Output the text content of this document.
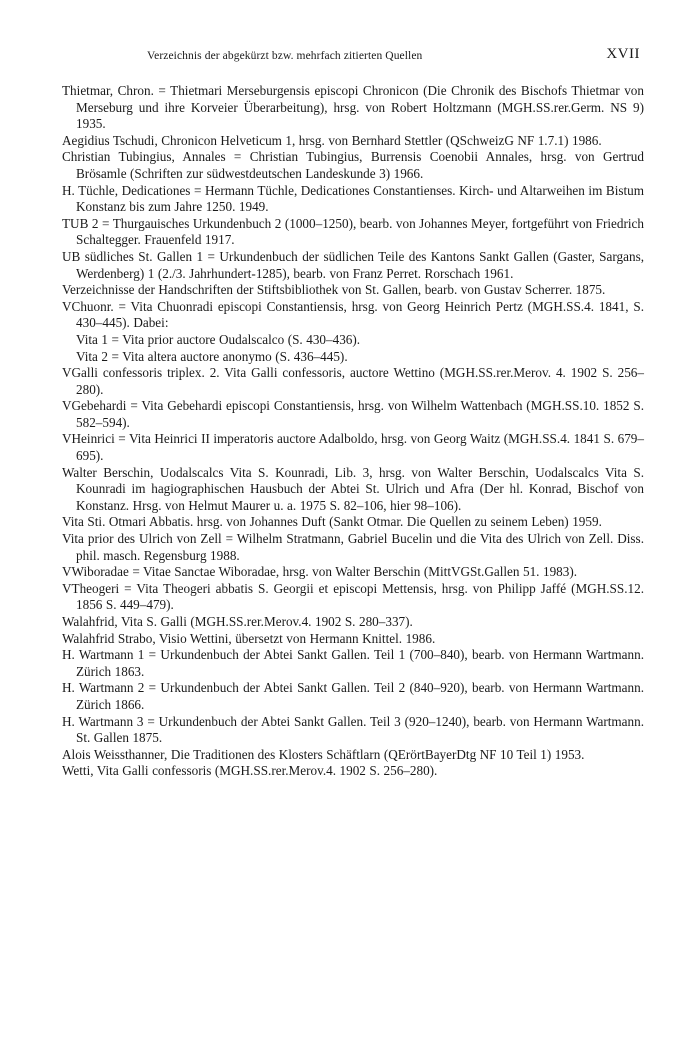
Verzeichnis der abgekürzt bzw. mehrfach zitierten Quellen	XVII

Thietmar, Chron. = Thietmari Merseburgensis episcopi Chronicon (Die Chronik des Bischofs Thietmar von Merseburg und ihre Korveier Überarbeitung), hrsg. von Robert Holtzmann (MGH.SS.rer.Germ. NS 9) 1935.

Aegidius Tschudi, Chronicon Helveticum 1, hrsg. von Bernhard Stettler (QSchweizG NF 1.7.1) 1986.

Christian Tubingius, Annales = Christian Tubingius, Burrensis Coenobii Annales, hrsg. von Gertrud Brösamle (Schriften zur südwestdeutschen Landeskunde 3) 1966.

H. Tüchle, Dedicationes = Hermann Tüchle, Dedicationes Constantienses. Kirch- und Altarweihen im Bistum Konstanz bis zum Jahre 1250. 1949.

TUB 2 = Thurgauisches Urkundenbuch 2 (1000–1250), bearb. von Johannes Meyer, fortgeführt von Friedrich Schaltegger. Frauenfeld 1917.

UB südliches St. Gallen 1 = Urkundenbuch der südlichen Teile des Kantons Sankt Gallen (Gaster, Sargans, Werdenberg) 1 (2./3. Jahrhundert-1285), bearb. von Franz Perret. Rorschach 1961.

Verzeichnisse der Handschriften der Stiftsbibliothek von St. Gallen, bearb. von Gustav Scherrer. 1875.

VChuonr. = Vita Chuonradi episcopi Constantiensis, hrsg. von Georg Heinrich Pertz (MGH.SS.4. 1841, S. 430–445). Dabei:

Vita 1 = Vita prior auctore Oudalscalco (S. 430–436).

Vita 2 = Vita altera auctore anonymo (S. 436–445).

VGalli confessoris triplex. 2. Vita Galli confessoris, auctore Wettino (MGH.SS.rer.Merov. 4. 1902 S. 256–280).

VGebehardi = Vita Gebehardi episcopi Constantiensis, hrsg. von Wilhelm Wattenbach (MGH.SS.10. 1852 S. 582–594).

VHeinrici = Vita Heinrici II imperatoris auctore Adalboldo, hrsg. von Georg Waitz (MGH.SS.4. 1841 S. 679–695).

Walter Berschin, Uodalscalcs Vita S. Kounradi, Lib. 3, hrsg. von Walter Berschin, Uodalscalcs Vita S. Kounradi im hagiographischen Hausbuch der Abtei St. Ulrich und Afra (Der hl. Konrad, Bischof von Konstanz. Hrsg. von Helmut Maurer u. a. 1975 S. 82–106, hier 98–106).

Vita Sti. Otmari Abbatis. hrsg. von Johannes Duft (Sankt Otmar. Die Quellen zu seinem Leben) 1959.

Vita prior des Ulrich von Zell = Wilhelm Stratmann, Gabriel Bucelin und die Vita des Ulrich von Zell. Diss. phil. masch. Regensburg 1988.

VWiboradae = Vitae Sanctae Wiboradae, hrsg. von Walter Berschin (MittVGSt.Gallen 51. 1983).

VTheogeri = Vita Theogeri abbatis S. Georgii et episcopi Mettensis, hrsg. von Philipp Jaffé (MGH.SS.12. 1856 S. 449–479).

Walahfrid, Vita S. Galli (MGH.SS.rer.Merov.4. 1902 S. 280–337).

Walahfrid Strabo, Visio Wettini, übersetzt von Hermann Knittel. 1986.

H. Wartmann 1 = Urkundenbuch der Abtei Sankt Gallen. Teil 1 (700–840), bearb. von Hermann Wartmann. Zürich 1863.

H. Wartmann 2 = Urkundenbuch der Abtei Sankt Gallen. Teil 2 (840–920), bearb. von Hermann Wartmann. Zürich 1866.

H. Wartmann 3 = Urkundenbuch der Abtei Sankt Gallen. Teil 3 (920–1240), bearb. von Hermann Wartmann. St. Gallen 1875.

Alois Weissthanner, Die Traditionen des Klosters Schäftlarn (QErörtBayerDtg NF 10 Teil 1) 1953.

Wetti, Vita Galli confessoris (MGH.SS.rer.Merov.4. 1902 S. 256–280).
